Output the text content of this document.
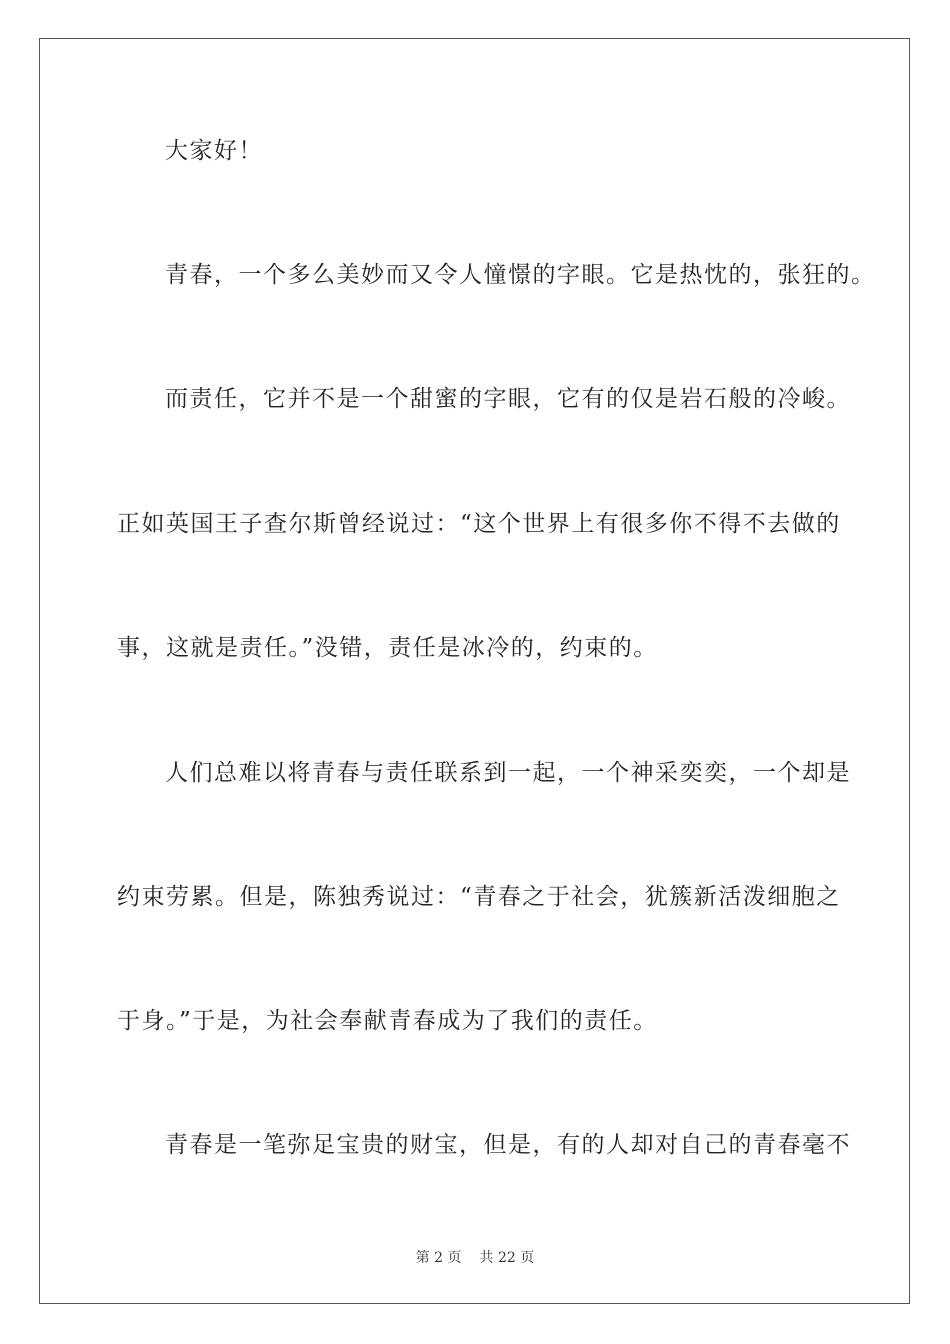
大家好！
青春，一个多么美妙而又令人憧憬的字眼。它是热忱的，张狂的。
而责任，它并不是一个甜蜜的字眼，它有的仅是岩石般的冷峻。
正如英国王子查尔斯曾经说过：“这个世界上有很多你不得不去做的
事，这就是责任。”没错，责任是冰冷的，约束的。
人们总难以将青春与责任联系到一起，一个神采奕奕，一个却是
约束劳累。但是，陈独秀说过：“青春之于社会，犹簇新活泼细胞之
于身。”于是，为社会奉献青春成为了我们的责任。
青春是一笔弥足宝贵的财宝，但是，有的人却对自己的青春毫不
第 2 页 共 22 页
